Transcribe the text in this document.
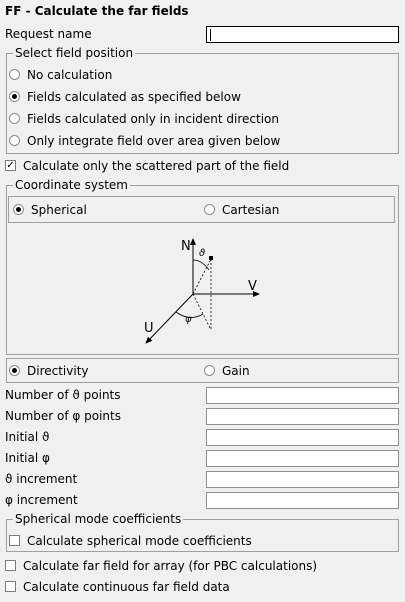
FF - Calculate the far fields
Request name
Select field position
No calculation
Fields calculated as specified below
Fields calculated only in incident direction
Only integrate field over area given below
✓ Calculate only the scattered part of the field
Coordinate system
Spherical	Cartesian
N ϑ
V
φ
U
Directivity	Gain
Number of ϑ points
Number of φ points
Initial ϑ
Initial φ
ϑ increment
φ increment
Spherical mode coefficients
Calculate spherical mode coefficients
Calculate far field for array (for PBC calculations)
Calculate continuous far field data
